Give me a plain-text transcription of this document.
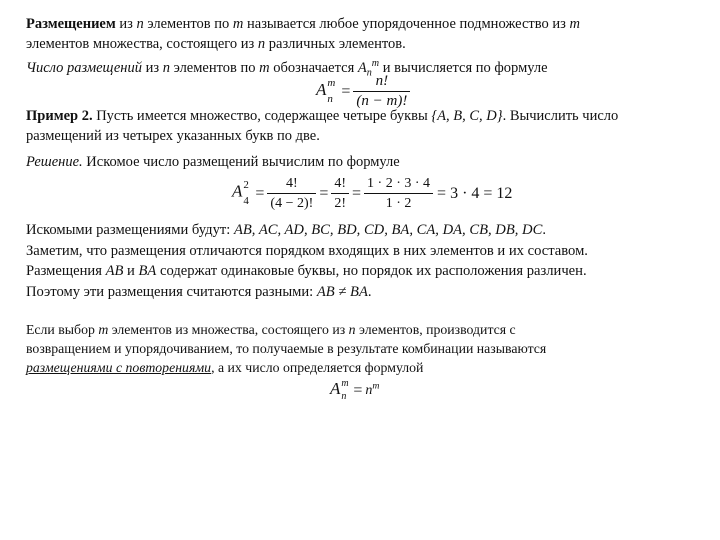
Размещением из n элементов по m называется любое упорядоченное подмножество из m

элементов множества, состоящего из n различных элементов.

Число размещений из n элементов по m обозначается $A_n^m$ и вычисляется по формуле

A m
$n = \frac{n!}{(n - m)!}$

Пример 2. Пусть имеется множество, содержащее четыре буквы {A, B, C, D}. Вычислить число

размещений из четырех указанных букв по две.

Решение. Искомое число размещений вычислим по формуле

A 2
$4 = \frac{4!}{(4 - 2)!} = \frac{4!}{2!} = \frac{1 \cdot 2 \cdot 3 \cdot 4}{1 \cdot 2} = 3 \cdot 4 = 12$

Искомыми размещениями будут: AB, AC, AD, BC, BD, CD, BA, CA, DA, CB, DB, DC.

Заметим, что размещения отличаются порядком входящих в них элементов и их составом.

Размещения AB и BA содержат одинаковые буквы, но порядок их расположения различен.

Поэтому эти размещения считаются разными: AB ≠ BA.

Если выбор m элементов из множества, состоящего из n элементов, производится с

возвращением и упорядочиванием, то получаемые в результате комбинации называются

размещениями с повторениями, а их число определяется формулой

A m
$n = n^m$
